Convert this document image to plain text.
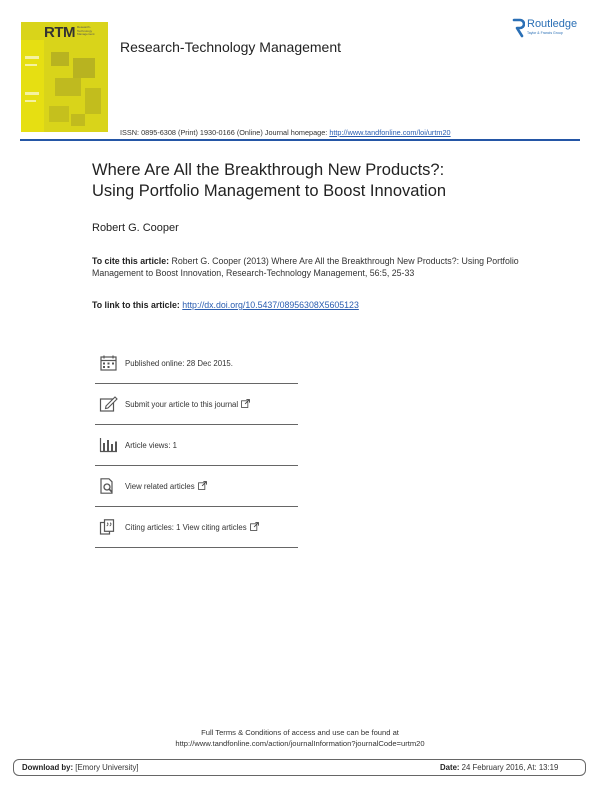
RTM Research-Technology Management
Research-Technology Management
Routledge
Taylor & Francis Group
ISSN: 0895-6308 (Print) 1930-0166 (Online) Journal homepage: http://www.tandfonline.com/loi/urtm20
Where Are All the Breakthrough New Products?:
Using Portfolio Management to Boost Innovation
Robert G. Cooper
To cite this article: Robert G. Cooper (2013) Where Are All the Breakthrough New Products?: Using Portfolio Management to Boost Innovation, Research-Technology Management, 56:5, 25-33
To link to this article: http://dx.doi.org/10.5437/08956308X5605123
Published online: 28 Dec 2015.
Submit your article to this journal
Article views: 1
View related articles
Citing articles: 1 View citing articles
Full Terms & Conditions of access and use can be found at
http://www.tandfonline.com/action/journalInformation?journalCode=urtm20
Download by: [Emory University]	Date: 24 February 2016, At: 13:19
